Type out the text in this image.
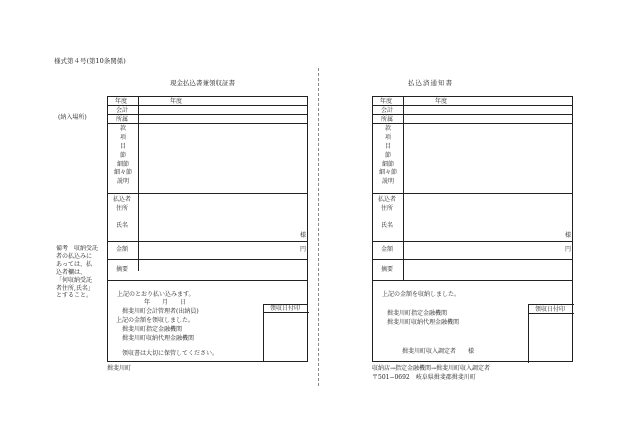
様式第４号(第10条関係)
現金払込書兼領収証書	払込済通知書
(納入場所)
備考　収納受託
者の払込みに
あっては、払
込者欄は、
「何収納受託
者住所,氏名」
とすること。
年度	年度
会計
所属
款
項
目
節
細節
細々節
説明
払込者
住所
氏名
様
金額	円
摘要
上記のとおり払い込みます。
　　年　　月　　日
揖斐川町会計管理者(出納員)
上記の金額を領収しました。
揖斐川町指定金融機関
揖斐川町収納代理金融機関
領収書は大切に保管してください。
領収日付印
揖斐川町
年度	年度
会計
所属
款
項
目
節
細節
細々節
説明
払込者
住所
氏名
様
金額	円
摘要
上記の金額を収納しました。
揖斐川町指定金融機関
揖斐川町収納代理金融機関
揖斐川町収入調定者　　様
領収日付印
収納店→指定金融機関→揖斐川町収入調定者
〒501−0692　岐阜県揖斐郡揖斐川町
